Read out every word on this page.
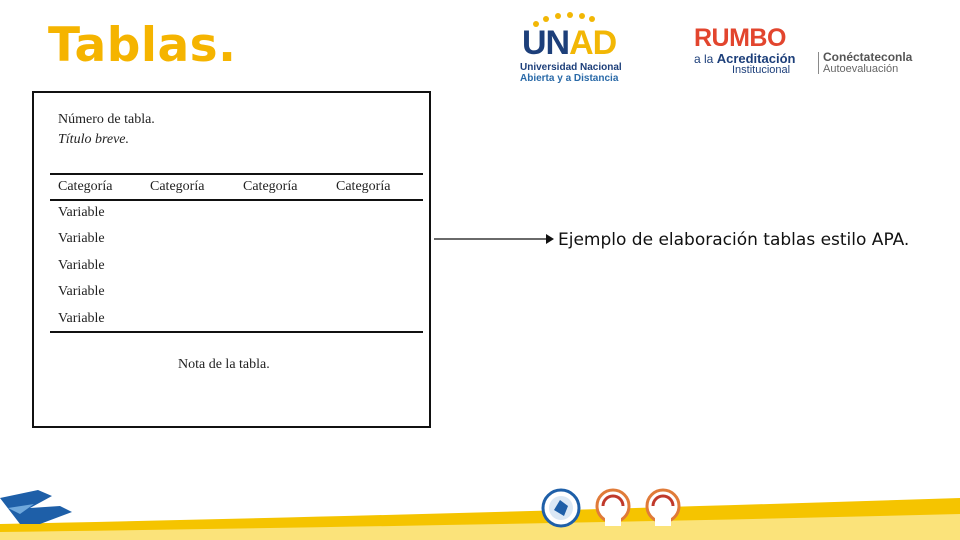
Tablas.	UNAD
Universidad Nacional
Abierta y a Distancia
RUMBO
a la Acreditación
Institucional
Conéctateconla
Autoevaluación
Número de tabla.
Título breve.
Categoría	Categoría	Categoría	Categoría
Variable
Variable
Variable
Variable
Variable
Nota de la tabla.
Ejemplo de elaboración tablas estilo APA.
